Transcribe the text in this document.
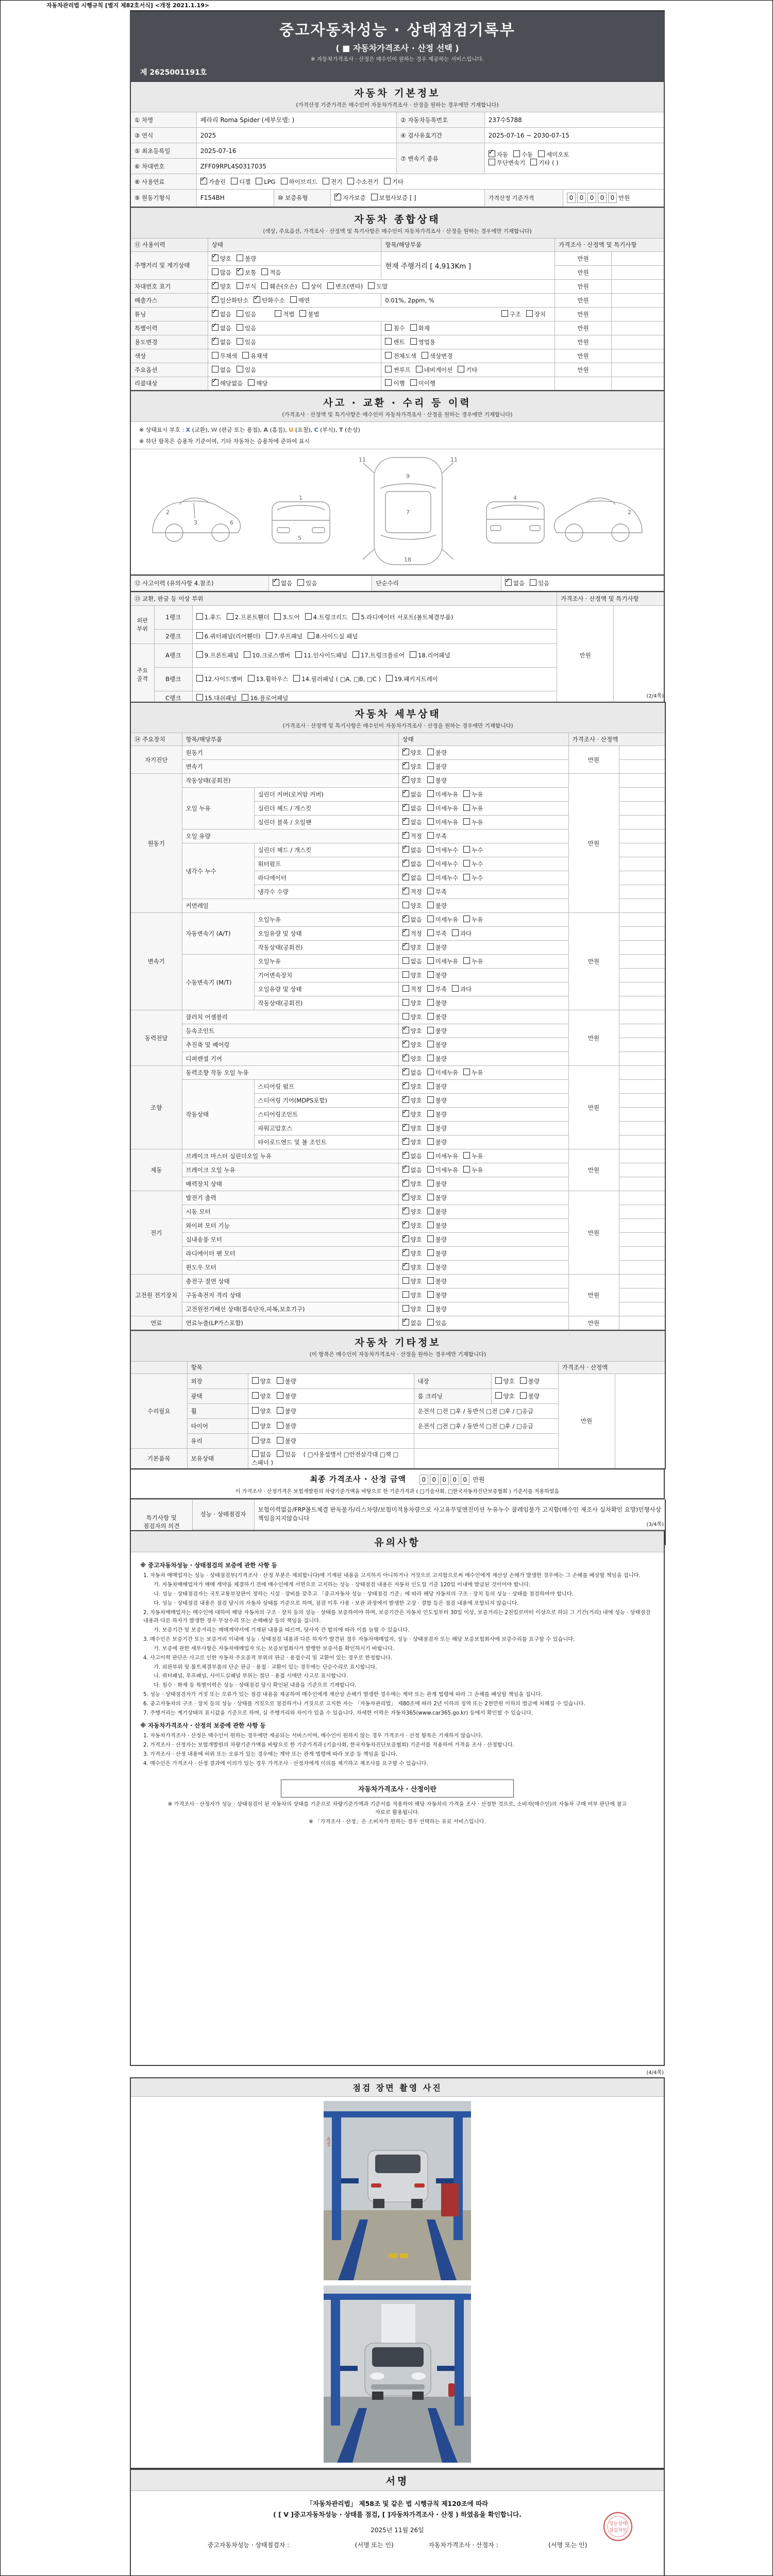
자동차관리법 시행규칙 [별지 제82호서식] <개정 2021.1.19>
중고자동차성능 · 상태점검기록부
( ■ 자동차가격조사 · 산정 선택 )
※ 자동차가격조사 · 산정은 매수인이 원하는 경우 제공하는 서비스입니다.
제 2625001191호
자동차 기본정보
(가격산정 기준가격은 매수인이 자동차가격조사 · 산정을 원하는 경우에만 기재합니다)						

① 차명	페라리 Roma Spider (세부모델: )			② 자동차등록번호	237수5788	
③ 연식	2025			④ 검사유효기간	2025-07-16 ~ 2030-07-15	
⑤ 최초등록일	2025-07-16			⑦ 변속기 종류	
✓자동 수동 세미오토
무단변속기 기타 ( )

⑥ 차대번호	ZFF09RPL4S0317035					
⑧ 사용연료	✓가솔린 디젤 LPG 하이브리드 전기 수소전기 기타
⑨ 원동기형식	F154BH	⑩ 보증유형	✓자가보증 보험사보증 [ ]		가격산정 기준가격	0 0 0 0 0 만원
자동차 종합상태
(색상, 주요옵션, 가격조사 · 산정액 및 특기사항은 매수인이 자동차가격조사 · 산정을 원하는 경우에만 기재합니다)				

⑪ 사용이력	상태	항목/해당부품	가격조사 · 산정액 및 특기사항	
주행거리 및 계기상태	✓양호 불량	현재 주행거리 [ 4,913Km ]	만원	
	많음 ✓ 보통 적음		만원	
차대번호 표기	✓양호 부식 훼손(오손) 상이 변조(변타) 도말		만원	
배출가스	✓일산화탄소 ✓ 탄화수소 매연	0.01%, 2ppm, %	만원	
튜닝	✓없음 있음 적법 불법 구조 장치		만원	
특별이력	✓없음 있음	침수 화재	만원	
용도변경	✓없음 있음	렌트 영업용	만원	
색상	무채색 유채색	전체도색 색상변경	만원	
주요옵션	없음 있음	썬루프 네비게이션 기타	만원	
리콜대상	✓해당없음 해당	이행 미이행		
사고 · 교환 · 수리 등 이력
(가격조사 · 산정액 및 특기사항은 매수인이 자동차가격조사 · 산정을 원하는 경우에만 기재합니다)

※ 상태표시 부호 : X (교환), W (판금 또는 용접), A (흠집), U (요철), C (부식), T (손상)
※ 하단 항목은 승용차 기준이며, 기타 자동차는 승용차에 준하여 표시

2
3	6
1
5
11	11
9
7
18
4
2
⑫ 사고이력 (유의사항 4.참조)	✓없음 있음	단순수리	✓없음 있음
⑬ 교환, 판금 등 이상 부위			가격조사 · 산정액 및 특기사항	
외판
부위	1랭크	1.후드 2.프론트휀더 3.도어 4.트렁크리드 5.라디에이터 서포트(볼트체결부품)	만원	
	2랭크	6.쿼터패널(리어휀더) 7.루프패널 8.사이드실 패널		
주요
골격	A랭크	9.프론트패널 10.크로스멤버 11.인사이드패널 17.트렁크플로어 18.리어패널		
	B랭크	12.사이드멤버 13.휠하우스 14.필러패널 ( □A, □B, □C ) 19.패키지트레이		
	C랭크	15.대쉬패널 16.플로어패널			(2/4쪽)
자동차 세부상태
(가격조사 · 산정액 및 특기사항은 매수인이 자동차가격조사 · 산정을 원하는 경우에만 기재합니다)					

⑭ 주요장치	항목/해당부품		상태	가격조사 · 산정액	
자기진단	원동기	✓양호 불량	만원	
	변속기	✓양호 불량	
원동기	작동상태(공회전)	✓양호 불량	만원	
	오일 누유	실린더 커버(로커암 커버)	✓없음 미세누유 누유	
		실린더 헤드 / 개스킷	✓없음 미세누유 누유	
		실린더 블록 / 오일팬	✓없음 미세누유 누유	
	오일 유량	✓적정 부족	
	냉각수 누수	실린더 헤드 / 개스킷	✓없음 미세누수 누수	
		워터펌프	✓없음 미세누수 누수	
		라디에이터	✓없음 미세누수 누수	
		냉각수 수량	✓적정 부족	
	커먼레일		양호 불량		
변속기	자동변속기 (A/T)	오일누유	✓없음 미세누유 누유	만원	
		오일유량 및 상태	✓적정 부족 과다	
		작동상태(공회전)	✓양호 불량	
	수동변속기 (M/T)	오일누유	없음 미세누유 누유		
		기어변속장치	양호 불량		
		오일유량 및 상태	적정 부족 과다		
		작동상태(공회전)	양호 불량		
동력전달	클러치 어셈블리		양호 불량	만원	
	등속조인트	✓양호 불량	
	추진축 및 베어링	✓양호 불량	
	디퍼렌셜 기어	✓양호 불량	
조향	동력조향 작동 오일 누유	✓없음 미세누유 누유	만원	
	작동상태	스티어링 펌프	✓양호 불량	
		스티어링 기어(MDPS포함)	✓양호 불량	
		스티어링조인트	✓양호 불량	
		파워고압호스	✓양호 불량	
		타이로드엔드 및 볼 조인트	✓양호 불량	
제동	브레이크 마스터 실린더오일 누유	✓없음 미세누유 누유	만원	
	브레이크 오일 누유	✓없음 미세누유 누유	
	배력장치 상태	✓양호 불량	
전기	발전기 출력	✓양호 불량	만원	
	시동 모터	✓양호 불량	
	와이퍼 모터 기능	✓양호 불량	
	실내송풍 모터	✓양호 불량	
	라디에이터 팬 모터	✓양호 불량	
	윈도우 모터	✓양호 불량	
고전원 전기장치	충전구 절연 상태		양호 불량	만원	
	구동축전지 격리 상태		양호 불량		
	고전원전기배선 상태(접속단자,피복,보호기구)		양호 불량		
연료	연료누출(LP가스포함)	✓없음 있음	만원	
자동차 기타정보
(이 항목은 매수인이 자동차가격조사 · 산정을 원하는 경우에만 기재합니다)						

	항목				가격조사 · 산정액	
수리필요	외장	양호 불량	내장	양호 불량	만원	
	광택	양호 불량	룸 크리닝	양호 불량		
	휠	양호 불량	운전석 □전 □후 / 동반석 □전 □후 / □응급			
	타이어	양호 불량	운전석 □전 □후 / 동반석 □전 □후 / □응급			
	유리	양호 불량				
기본품목	보유상태	없음 있음 ( □사용설명서 □안전삼각대 □잭 □스패너 )				
최종 가격조사 · 산정 금액	0 0 0 0 0 만원
이 가격조사 · 산정가격은 보험개발원의 차량기준가액을 바탕으로 한 기준가격과 ( □기술사회, □한국자동차진단보증협회 ) 기준서를 적용하였음
특기사항 및 점검자의 의견	성능 · 상태점검자	보험이력없음/FRP볼트체결 판독불가/리스차량/보험미적용차량으로 사고유무및엔진미션 누유누수 클레임불가 고지함(매수인 제조사 실차확인 요망)민형사상 책임을지지않습니다

(3/4쪽)
유의사항
※ 중고자동차성능 · 상태점검의 보증에 관한 사항 등
1. 자동차 매매업자는 성능 · 상태점검부(가격조사 · 산정 부분은 제외합니다)에 기재된 내용을 고지하지 아니하거나 거짓으로 고지함으로써 매수인에게 재산상 손해가 발생한 경우에는 그 손해를 배상할 책임을 집니다.
가. 자동차매매업자가 매매 계약을 체결하기 전에 매수인에게 서면으로 고지하는 성능 · 상태점검 내용은 자동차 인도일 기준 120일 이내에 발급된 것이어야 합니다.
나. 성능 · 상태점검자는 국토교통부장관이 정하는 시설 · 장비를 갖추고 「중고자동차 성능 · 상태점검 기준」에 따라 해당 자동차의 구조 · 장치 등의 성능 · 상태를 점검하여야 합니다.
다. 성능 · 상태점검 내용은 점검 당시의 자동차 상태를 기준으로 하며, 점검 이후 사용 · 보관 과정에서 발생한 고장 · 결함 등은 점검 내용에 포함되지 않습니다.
2. 자동차매매업자는 매수인에 대하여 해당 자동차의 구조 · 장치 등의 성능 · 상태를 보증하여야 하며, 보증기간은 자동차 인도일부터 30일 이상, 보증거리는 2천킬로미터 이상으로 하되 그 기간(거리) 내에 성능 · 상태점검 내용과 다른 하자가 발생한 경우 무상수리 또는 손해배상 등의 책임을 집니다.
가. 보증기간 및 보증거리는 매매계약서에 기재된 내용을 따르며, 당사자 간 합의에 따라 이를 늘릴 수 있습니다.
3. 매수인은 보증기간 또는 보증거리 이내에 성능 · 상태점검 내용과 다른 하자가 발견된 경우 자동차매매업자, 성능 · 상태점검자 또는 해당 보증보험회사에 보증수리를 요구할 수 있습니다.
가. 보증에 관한 세부사항은 자동차매매업자 또는 보증보험회사가 발행한 보증서를 확인하시기 바랍니다.
4. 사고이력 판단은 사고로 인한 자동차 주요골격 부위의 판금 · 용접수리 및 교환이 있는 경우로 한정합니다.
가. 외판부위 및 볼트체결부품의 단순 판금 · 용접 · 교환이 있는 경우에는 단순수리로 표시합니다.
나. 쿼터패널, 루프패널, 사이드실패널 부위는 절단 · 용접 시에만 사고로 표시합니다.
다. 침수 · 화재 등 특별이력은 성능 · 상태점검 당시 확인된 내용을 기준으로 기재합니다.
5. 성능 · 상태점검자가 거짓 또는 오류가 있는 점검 내용을 제공하여 매수인에게 재산상 손해가 발생한 경우에는 계약 또는 관계 법령에 따라 그 손해를 배상할 책임을 집니다.
6. 중고자동차의 구조 · 장치 등의 성능 · 상태를 거짓으로 점검하거나 거짓으로 고지한 자는 「자동차관리법」 제80조에 따라 2년 이하의 징역 또는 2천만원 이하의 벌금에 처해질 수 있습니다.
7. 주행거리는 계기상태의 표시값을 기준으로 하며, 실 주행거리와 차이가 있을 수 있습니다. 자세한 이력은 자동차365(www.car365.go.kr) 등에서 확인할 수 있습니다.
※ 자동차가격조사 · 산정의 보증에 관한 사항 등
1. 자동차가격조사 · 산정은 매수인이 원하는 경우에만 제공되는 서비스이며, 매수인이 원하지 않는 경우 가격조사 · 산정 항목은 기재하지 않습니다.
2. 가격조사 · 산정자는 보험개발원의 차량기준가액을 바탕으로 한 기준가격과 (기술사회, 한국자동차진단보증협회) 기준서를 적용하여 가격을 조사 · 산정합니다.
3. 가격조사 · 산정 내용에 허위 또는 오류가 있는 경우에는 계약 또는 관계 법령에 따라 보증 등 책임을 집니다.
4. 매수인은 가격조사 · 산정 결과에 이의가 있는 경우 가격조사 · 산정자에게 이의를 제기하고 재조사를 요구할 수 있습니다.
자동차가격조사 · 산정이란
※ 가격조사 · 산정자가 성능 · 상태점검이 된 자동차의 상태를 기준으로 차량기준가액과 기준서를 적용하여 해당 자동차의 가격을 조사 · 산정한 것으로, 소비자(매수인)의 자동차 구매 여부 판단에 참고자료로 활용됩니다.
※ 「가격조사 · 산정」은 소비자가 원하는 경우 선택하는 유료 서비스입니다.
(4/4쪽)
점검 장면 촬영 사진
측정
서명
「자동차관리법」 제58조 및 같은 법 시행규칙 제120조에 따라
( [ V ]중고자동차성능 · 상태를 점검, [ ]자동차가격조사 · 산정 ) 하였음을 확인합니다.
2025년 11월 26일
중고자동차성능 · 상태점검자 :	(서명 또는 인)	자동차가격조사 · 산정자 :	(서명 또는 인)
성능상태
점검자인
